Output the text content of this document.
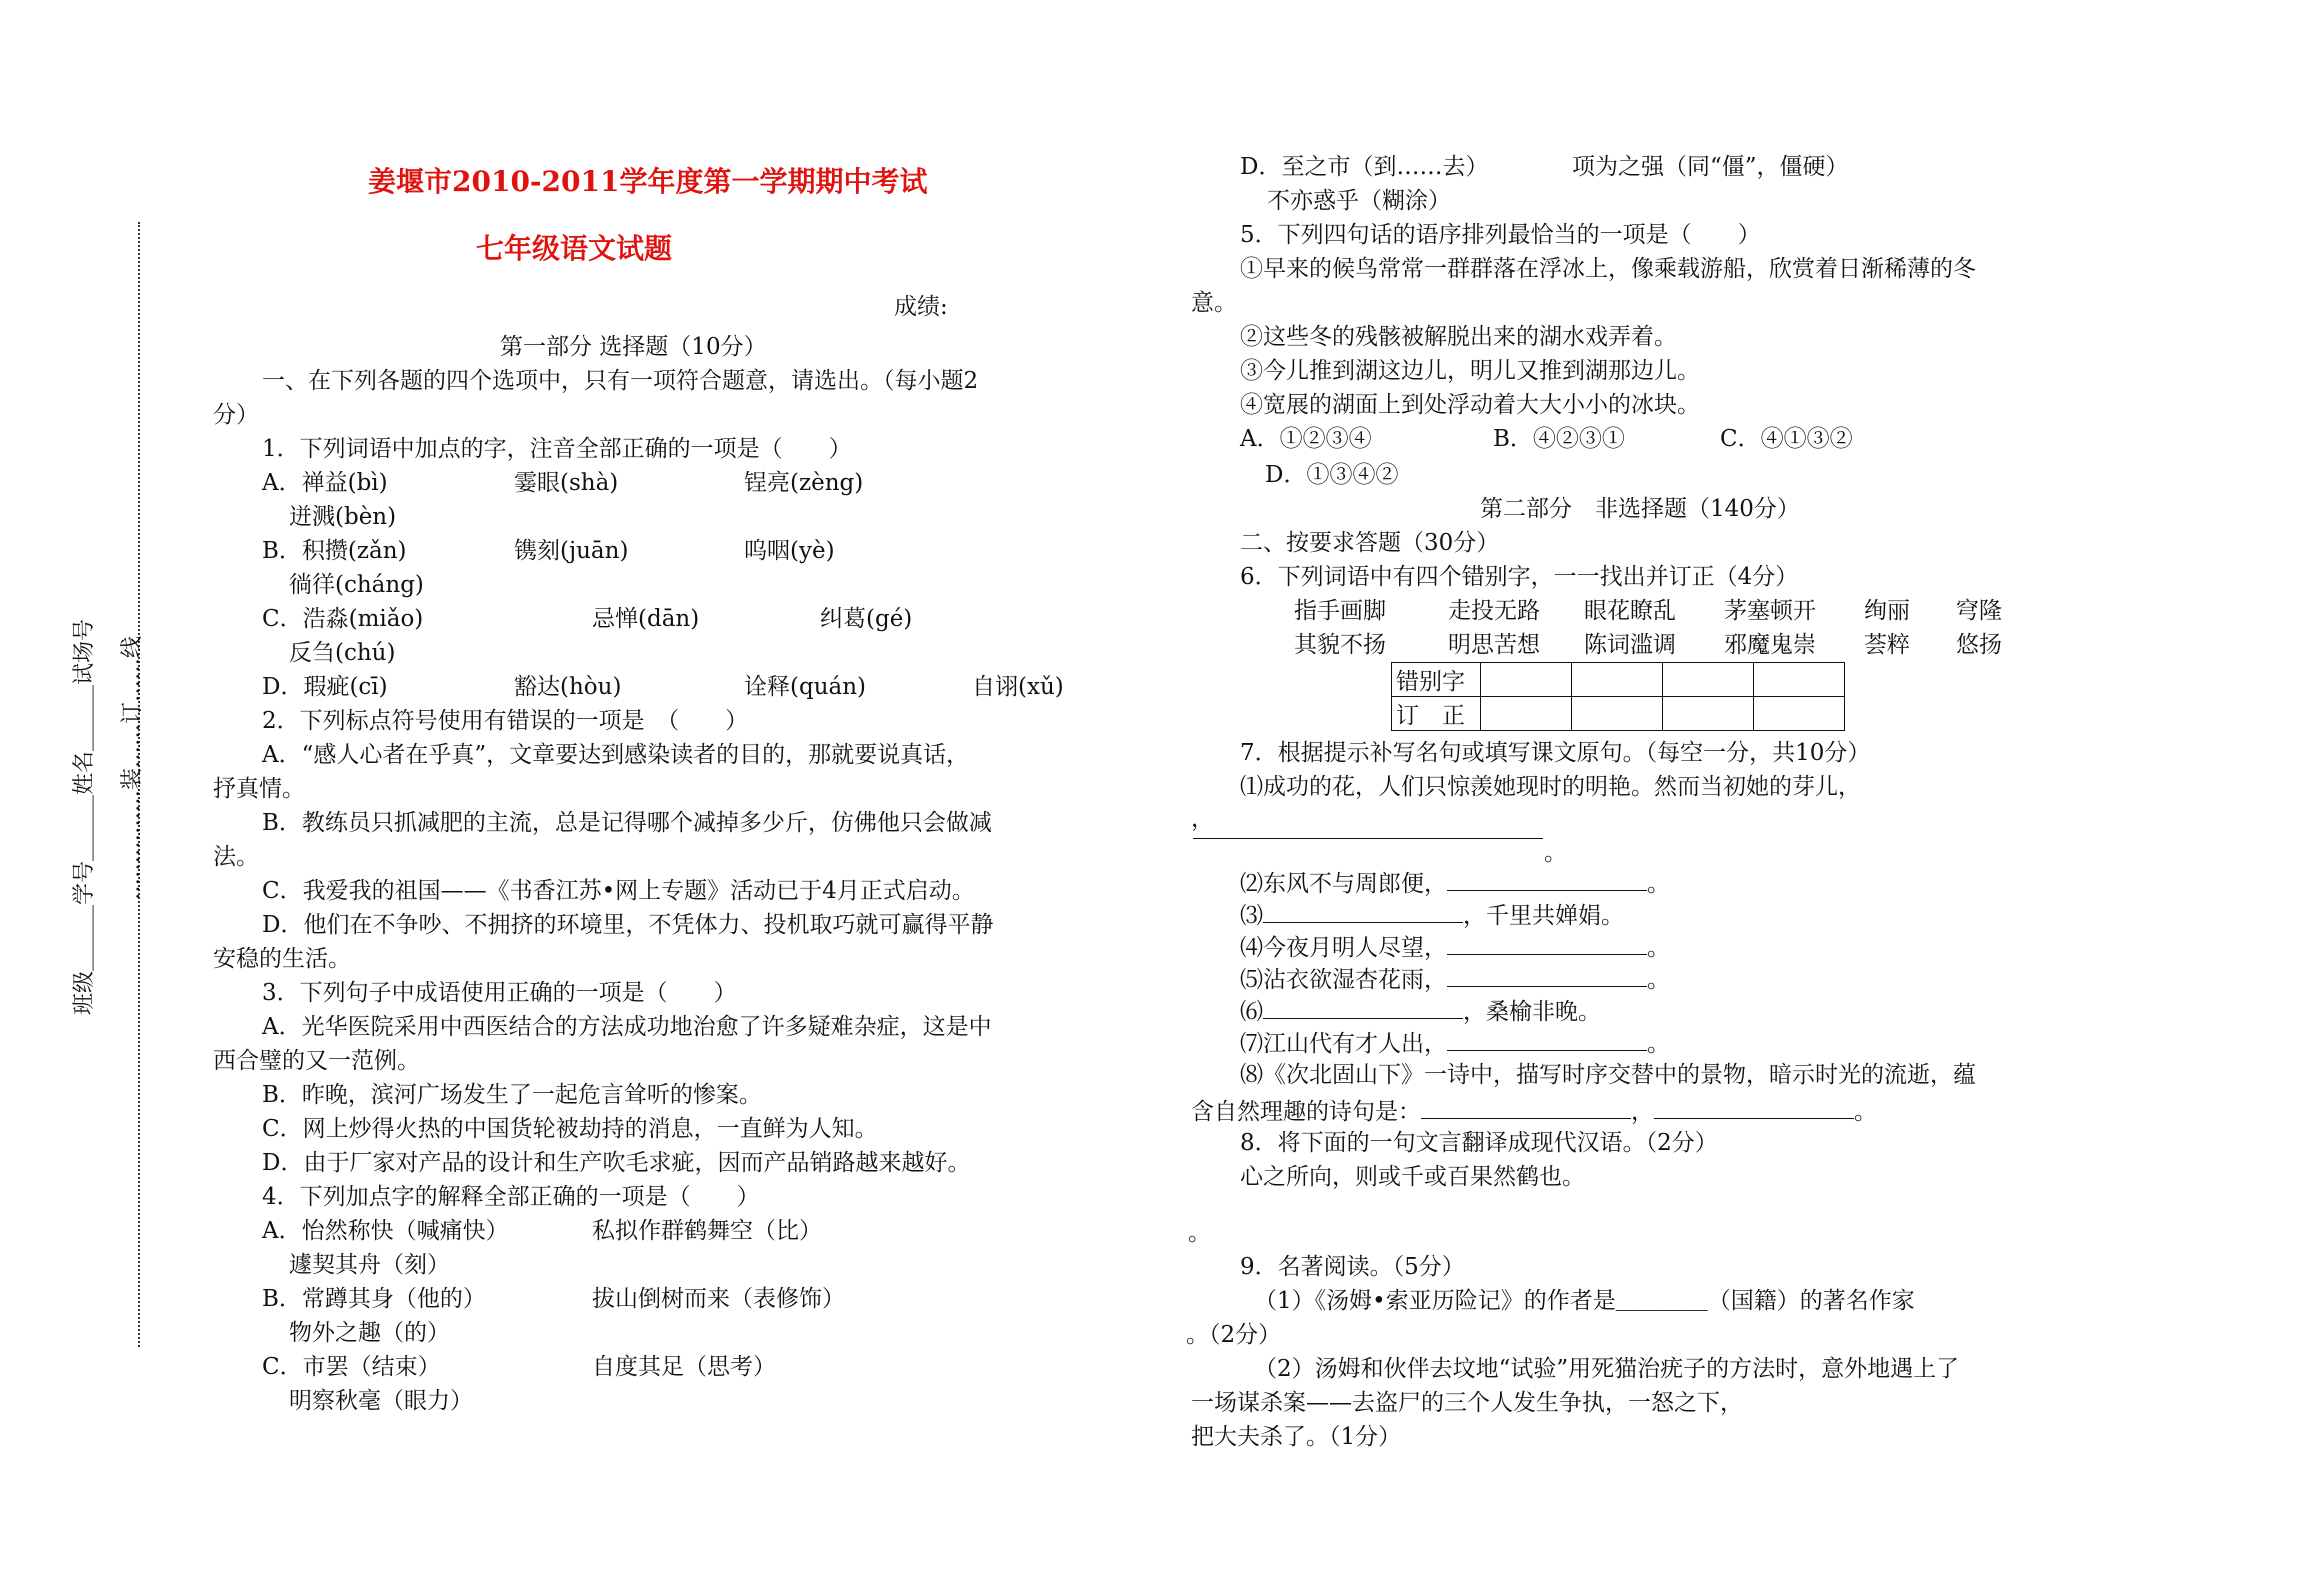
班级＿＿＿学号＿＿＿姓名＿＿＿试场号 ……………装……订……线
姜堰市2010-2011学年度第一学期期中考试
七年级语文试题
成绩:
第一部分 选择题（10分）
一、在下列各题的四个选项中，只有一项符合题意，请选出。（每小题2
分）
1．下列词语中加点的字，注音全部正确的一项是（　　）
A．禅益(bì)	霎眼(shà)	锃亮(zèng)
迸溅(bèn)
B．积攒(zǎn)	镌刻(juān)	呜咽(yè)
徜徉(cháng)
C．浩淼(miǎo)	忌惮(dān)	纠葛(gé)
反刍(chú)
D．瑕疵(cī)	豁达(hòu)	诠释(quán)	自诩(xǔ)
2．下列标点符号使用有错误的一项是　（　　）
A．“感人心者在乎真”，文章要达到感染读者的目的，那就要说真话，
抒真情。
B．教练员只抓减肥的主流，总是记得哪个减掉多少斤，仿佛他只会做减
法。
C．我爱我的祖国——《书香江苏•网上专题》活动已于4月正式启动。
D．他们在不争吵、不拥挤的环境里，不凭体力、投机取巧就可赢得平静
安稳的生活。
3．下列句子中成语使用正确的一项是（　　）
A．光华医院采用中西医结合的方法成功地治愈了许多疑难杂症，这是中
西合璧的又一范例。
B．昨晚，滨河广场发生了一起危言耸听的惨案。
C．网上炒得火热的中国货轮被劫持的消息，一直鲜为人知。
D．由于厂家对产品的设计和生产吹毛求疵，因而产品销路越来越好。
4．下列加点字的解释全部正确的一项是（　　）
A．怡然称快（喊痛快）	私拟作群鹤舞空（比）
遽契其舟（刻）
B．常蹲其身（他的）	拔山倒树而来（表修饰）
物外之趣（的）
C．市罢（结束）	自度其足（思考）
明察秋毫（眼力）
D．至之市（到……去）	项为之强（同“僵”，僵硬）
不亦惑乎（糊涂）
5．下列四句话的语序排列最恰当的一项是（　　）
①早来的候鸟常常一群群落在浮冰上，像乘载游船，欣赏着日渐稀薄的冬
意。
②这些冬的残骸被解脱出来的湖水戏弄着。
③今儿推到湖这边儿，明儿又推到湖那边儿。
④宽展的湖面上到处浮动着大大小小的冰块。
A．①②③④	B．④②③①	C．④①③②
D．①③④②
第二部分　非选择题（140分）
二、按要求答题（30分）
6．下列词语中有四个错别字，一一找出并订正（4分）
指手画脚	走投无路 眼花瞭乱 茅塞顿开 绚丽 穹隆
其貌不扬	明思苦想 陈词滥调 邪魔鬼崇 荟粹 悠扬
错别字				
订　正				
7．根据提示补写名句或填写课文原句。（每空一分，共10分）
⑴成功的花，人们只惊羡她现时的明艳。然而当初她的芽儿，
，
。
⑵东风不与周郎便，	。
⑶	，千里共婵娟。
⑷今夜月明人尽望，	。
⑸沾衣欲湿杏花雨，	。
⑹	，桑榆非晚。
⑺江山代有才人出，	。
⑻《次北固山下》一诗中，描写时序交替中的景物，暗示时光的流逝，蕴
含自然理趣的诗句是：	，	。
8．将下面的一句文言翻译成现代汉语。（2分）
心之所向，则或千或百果然鹤也。
。
9．名著阅读。（5分）
（1）《汤姆•索亚历险记》的作者是＿＿＿＿（国籍）的著名作家
。（2分）
（2）汤姆和伙伴去坟地“试验”用死猫治疣子的方法时，意外地遇上了
一场谋杀案——去盗尸的三个人发生争执，一怒之下，
把大夫杀了。（1分）
